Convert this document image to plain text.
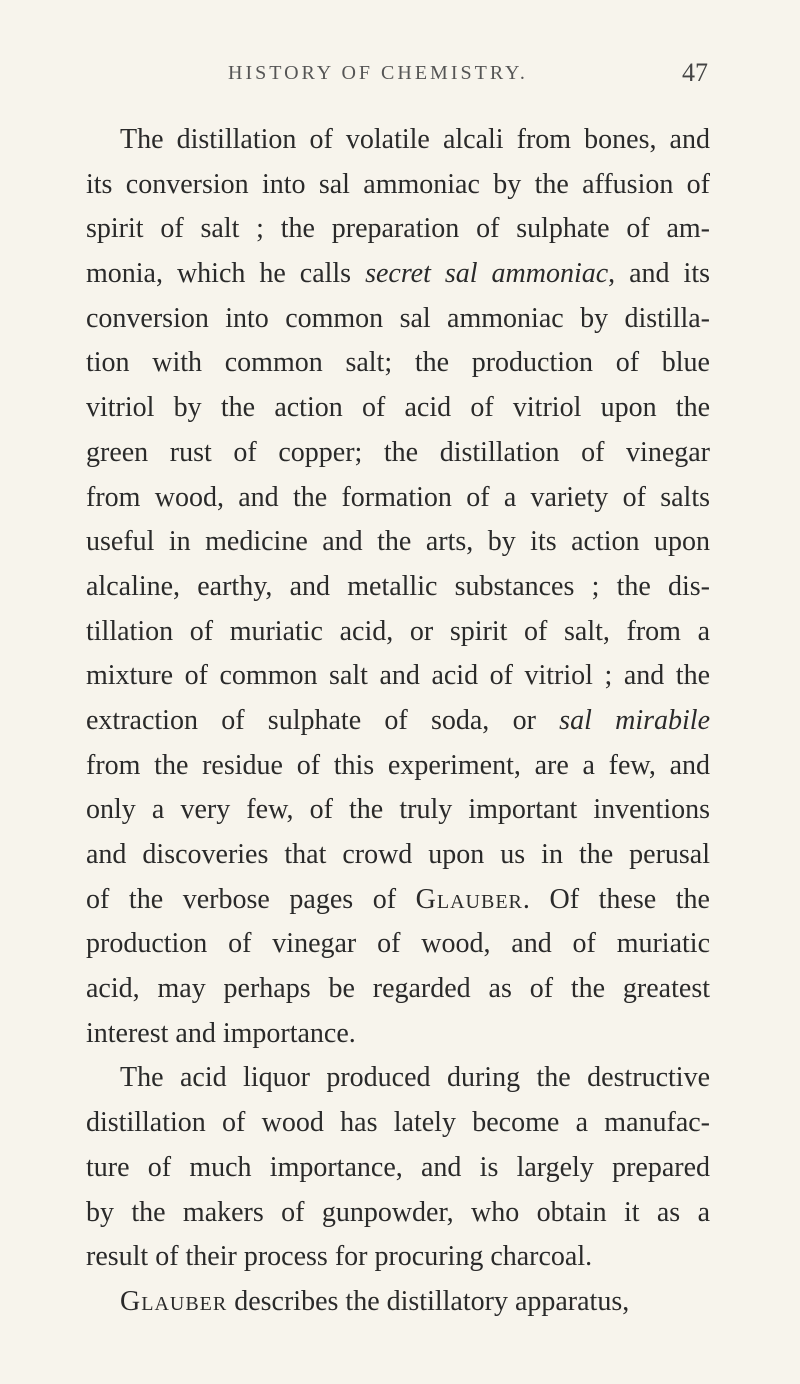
HISTORY OF CHEMISTRY.	47
The distillation of volatile alcali from bones, and
its conversion into sal ammoniac by the affusion of
spirit of salt ; the preparation of sulphate of am-
monia, which he calls secret sal ammoniac, and its
conversion into common sal ammoniac by distilla-
tion with common salt; the production of blue
vitriol by the action of acid of vitriol upon the
green rust of copper; the distillation of vinegar
from wood, and the formation of a variety of salts
useful in medicine and the arts, by its action upon
alcaline, earthy, and metallic substances ; the dis-
tillation of muriatic acid, or spirit of salt, from a
mixture of common salt and acid of vitriol ; and the
extraction of sulphate of soda, or sal mirabile
from the residue of this experiment, are a few, and
only a very few, of the truly important inventions
and discoveries that crowd upon us in the perusal
of the verbose pages of Glauber. Of these the
production of vinegar of wood, and of muriatic
acid, may perhaps be regarded as of the greatest
interest and importance.
The acid liquor produced during the destructive
distillation of wood has lately become a manufac-
ture of much importance, and is largely prepared
by the makers of gunpowder, who obtain it as a
result of their process for procuring charcoal.
Glauber describes the distillatory apparatus,
